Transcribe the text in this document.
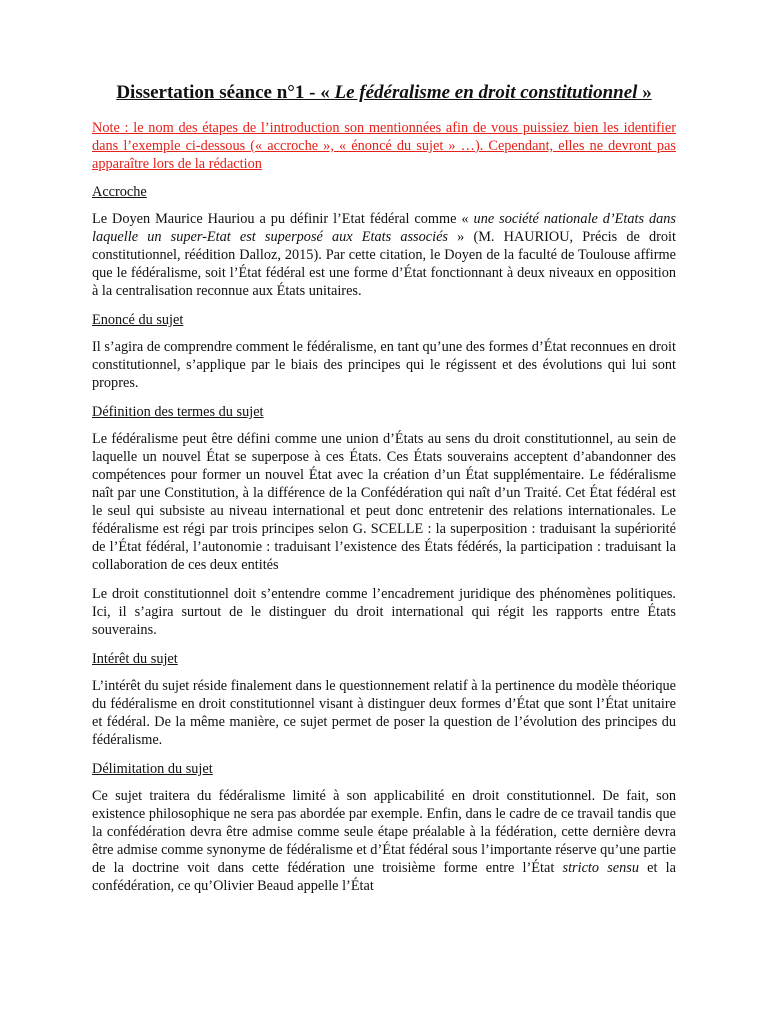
Dissertation séance n°1 - « Le fédéralisme en droit constitutionnel »

Note : le nom des étapes de l’introduction son mentionnées afin de vous puissiez bien les identifier dans l’exemple ci-dessous (« accroche », « énoncé du sujet » …). Cependant, elles ne devront pas apparaître lors de la rédaction

Accroche

Le Doyen Maurice Hauriou a pu définir l’Etat fédéral comme « une société nationale d’Etats dans laquelle un super-Etat est superposé aux Etats associés » (M. HAURIOU, Précis de droit constitutionnel, réédition Dalloz, 2015). Par cette citation, le Doyen de la faculté de Toulouse affirme que le fédéralisme, soit l’État fédéral est une forme d’État fonctionnant à deux niveaux en opposition à la centralisation reconnue aux États unitaires.

Enoncé du sujet

Il s’agira de comprendre comment le fédéralisme, en tant qu’une des formes d’État reconnues en droit constitutionnel, s’applique par le biais des principes qui le régissent et des évolutions qui lui sont propres.

Définition des termes du sujet

Le fédéralisme peut être défini comme une union d’États au sens du droit constitutionnel, au sein de laquelle un nouvel État se superpose à ces États. Ces États souverains acceptent d’abandonner des compétences pour former un nouvel État avec la création d’un État supplémentaire. Le fédéralisme naît par une Constitution, à la différence de la Confédération qui naît d’un Traité. Cet État fédéral est le seul qui subsiste au niveau international et peut donc entretenir des relations internationales. Le fédéralisme est régi par trois principes selon G. SCELLE : la superposition : traduisant la supériorité de l’État fédéral, l’autonomie : traduisant l’existence des États fédérés, la participation : traduisant la collaboration de ces deux entités

Le droit constitutionnel doit s’entendre comme l’encadrement juridique des phénomènes politiques. Ici, il s’agira surtout de le distinguer du droit international qui régit les rapports entre États souverains.

Intérêt du sujet

L’intérêt du sujet réside finalement dans le questionnement relatif à la pertinence du modèle théorique du fédéralisme en droit constitutionnel visant à distinguer deux formes d’État que sont l’État unitaire et fédéral. De la même manière, ce sujet permet de poser la question de l’évolution des principes du fédéralisme.

Délimitation du sujet

Ce sujet traitera du fédéralisme limité à son applicabilité en droit constitutionnel. De fait, son existence philosophique ne sera pas abordée par exemple. Enfin, dans le cadre de ce travail tandis que la confédération devra être admise comme seule étape préalable à la fédération, cette dernière devra être admise comme synonyme de fédéralisme et d’État fédéral sous l’importante réserve qu’une partie de la doctrine voit dans cette fédération une troisième forme entre l’État stricto sensu et la confédération, ce qu’Olivier Beaud appelle l’État
